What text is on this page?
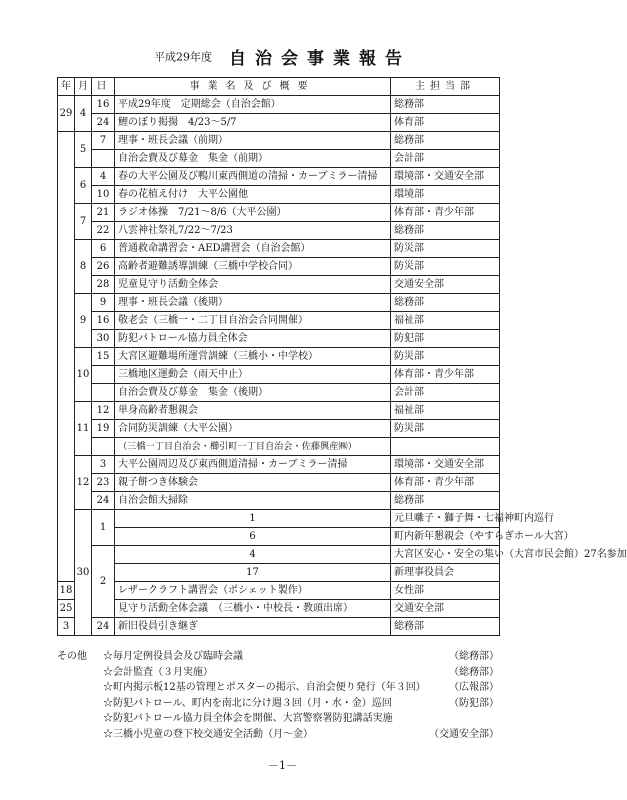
平成29年度 自治会事業報告
年	月	日	事業名及び概要	主担当部	
29	4	16	平成29年度　定期総会（自治会館）	総務部	
		24	鯉のぼり掲揚　4/23～5/7	体育部	
	5	7	理事・班長会議（前期）	総務部	
			自治会費及び募金　集金（前期）	会計部	
	6	4	春の大平公園及び鴨川東西側道の清掃・カーブミラー清掃	環境部・交通安全部	
		10	春の花植え付け　大平公園他	環境部	
	7	21	ラジオ体操　7/21～8/6（大平公園）	体育部・青少年部	
		22	八雲神社祭礼7/22～7/23	総務部	
	8	6	普通救命講習会・AED講習会（自治会館）	防災部	
		26	高齢者避難誘導訓練（三橋中学校合同）	防災部	
		28	児童見守り活動全体会	交通安全部	
	9	9	理事・班長会議（後期）	総務部	
		16	敬老会（三橋一・二丁目自治会合同開催）	福祉部	
		30	防犯パトロール協力員全体会	防犯部	
	10	15	大宮区避難場所運営訓練（三橋小・中学校）	防災部	
			三橋地区運動会（雨天中止）	体育部・青少年部	
			自治会費及び募金　集金（後期）	会計部	
	11	12	単身高齢者懇親会	福祉部	
		19	合同防災訓練（大平公園）	防災部	
			（三橋一丁目自治会・櫛引町一丁目自治会・佐藤興産㈱）		
	12	3	大平公園周辺及び東西側道清掃・カーブミラー清掃	環境部・交通安全部	
		23	親子餅つき体験会	体育部・青少年部	
		24	自治会館大掃除	総務部	
	30	1	1	元旦囃子・獅子舞・七福神町内巡行	
			6	町内新年懇親会（やすらぎホール大宮）	
		2	4	大宮区安心・安全の集い（大宮市民会館）27名参加	
			17	新理事役員会	
18			レザークラフト講習会（ポシェット製作）	女性部	
25			見守り活動全体会議　（三橋小・中校長・教頭出席）	交通安全部	
3		24	新旧役員引き継ぎ	総務部	
その他 ☆毎月定例役員会及び臨時会議	（総務部）
☆会計監査（３月実施）	（総務部）
☆町内掲示板12基の管理とポスターの掲示、自治会便り発行（年３回） （広報部）
☆防犯パトロール、町内を南北に分け週３回（月・水・金）巡回	（防犯部）
☆防犯パトロール協力員全体会を開催、大宮警察署防犯講話実施
☆三橋小児童の登下校交通安全活動（月～金）	（交通安全部）
－1－
